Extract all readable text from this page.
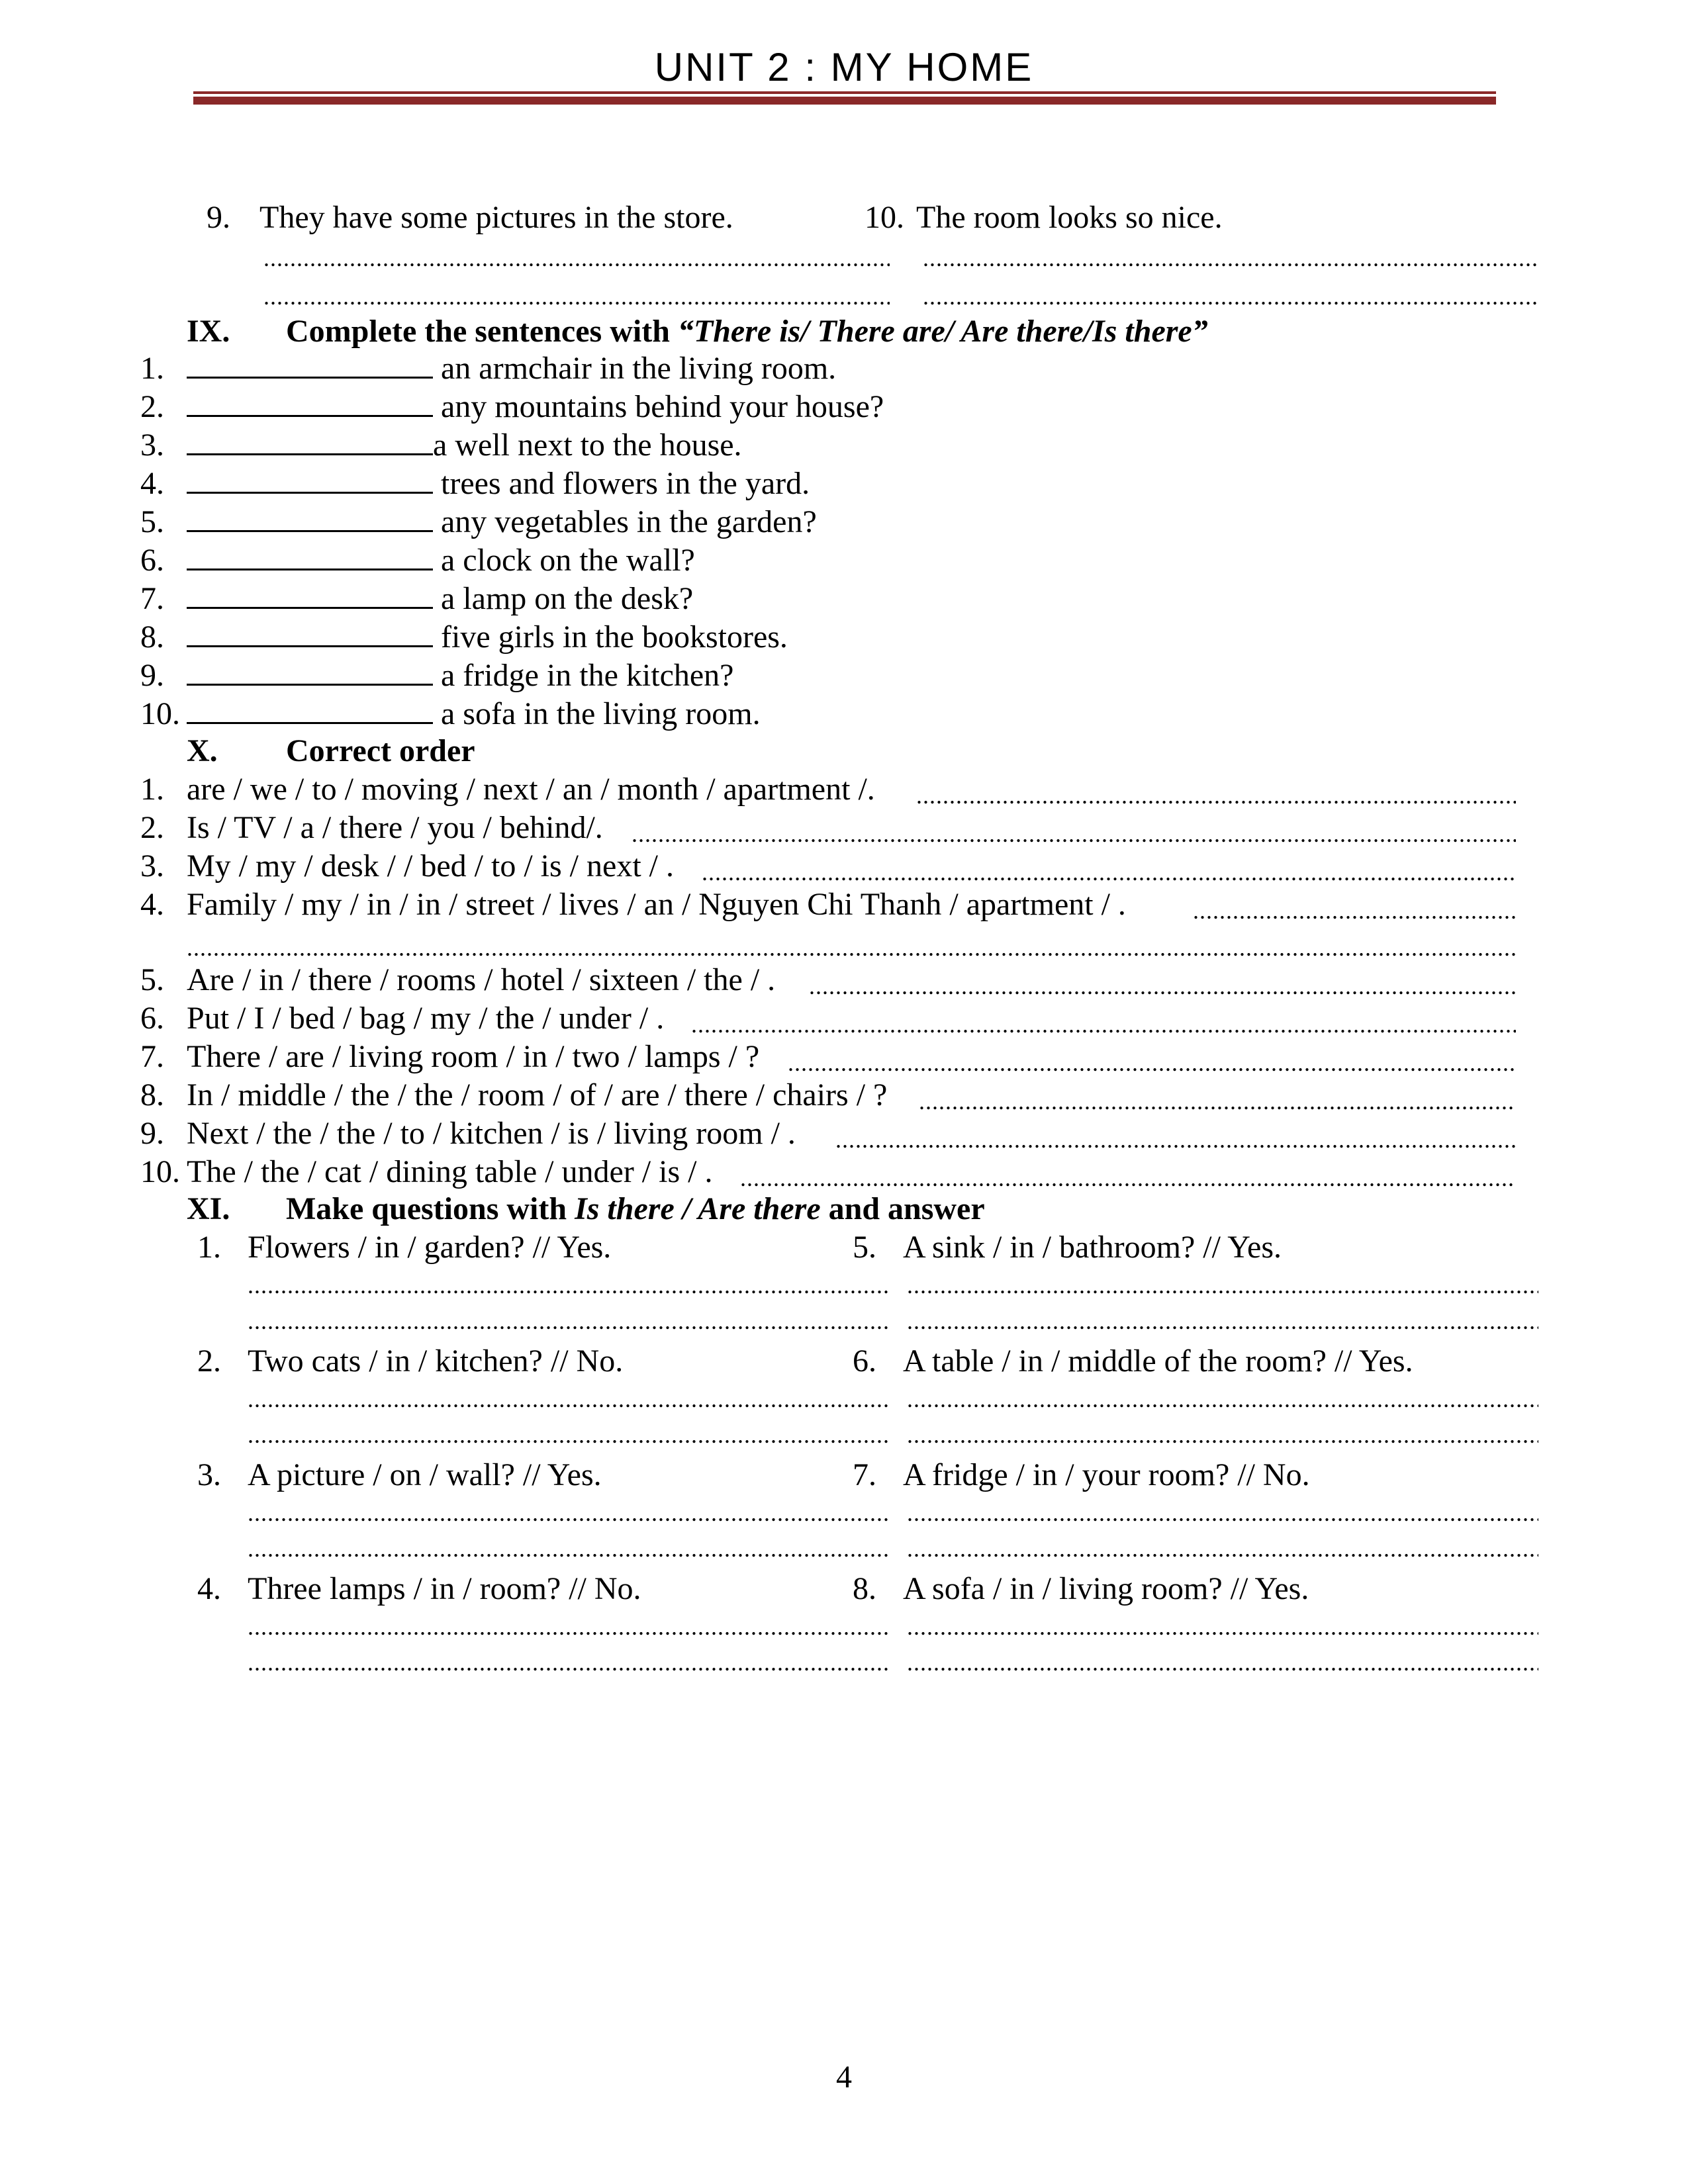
UNIT 2 : MY HOME
9. They have some pictures in the store.	10. The room looks so nice.
.....
.....
.....
.....
IX. Complete the sentences with “There is/ There are/ Are there/Is there”
1.	an armchair in the living room.
2.	any mountains behind your house?
3.	a well next to the house.
4.	trees and flowers in the yard.
5.	any vegetables in the garden?
6.	a clock on the wall?
7.	a lamp on the desk?
8.	five girls in the bookstores.
9.	a fridge in the kitchen?
10.	a sofa in the living room.
X. Correct order
1. are / we / to / moving / next / an / month / apartment /.
.....
2. Is / TV / a / there / you / behind/.
.....
3. My / my / desk / / bed / to / is / next / .
.....
4. Family / my / in / in / street / lives / an / Nguyen Chi Thanh / apartment / .
.....
.....
5. Are / in / there / rooms / hotel / sixteen / the / .
.....
6. Put / I / bed / bag / my / the / under / .
.....
7. There / are / living room / in / two / lamps / ?
.....
8. In / middle / the / the / room / of / are / there / chairs / ?
.....
9. Next / the / the / to / kitchen / is / living room / .
.....
10. The / the / cat / dining table / under / is / .
.....
XI. Make questions with Is there / Are there and answer
1. Flowers / in / garden? // Yes.	5. A sink / in / bathroom? // Yes.
.....
.....
.....
.....
2. Two cats / in / kitchen? // No.	6. A table / in / middle of the room? // Yes.
.....
.....
.....
.....
3. A picture / on / wall? // Yes.	7. A fridge / in / your room? // No.
.....
.....
.....
.....
4. Three lamps / in / room? // No.	8. A sofa / in / living room? // Yes.
.....
.....
.....
.....
4
